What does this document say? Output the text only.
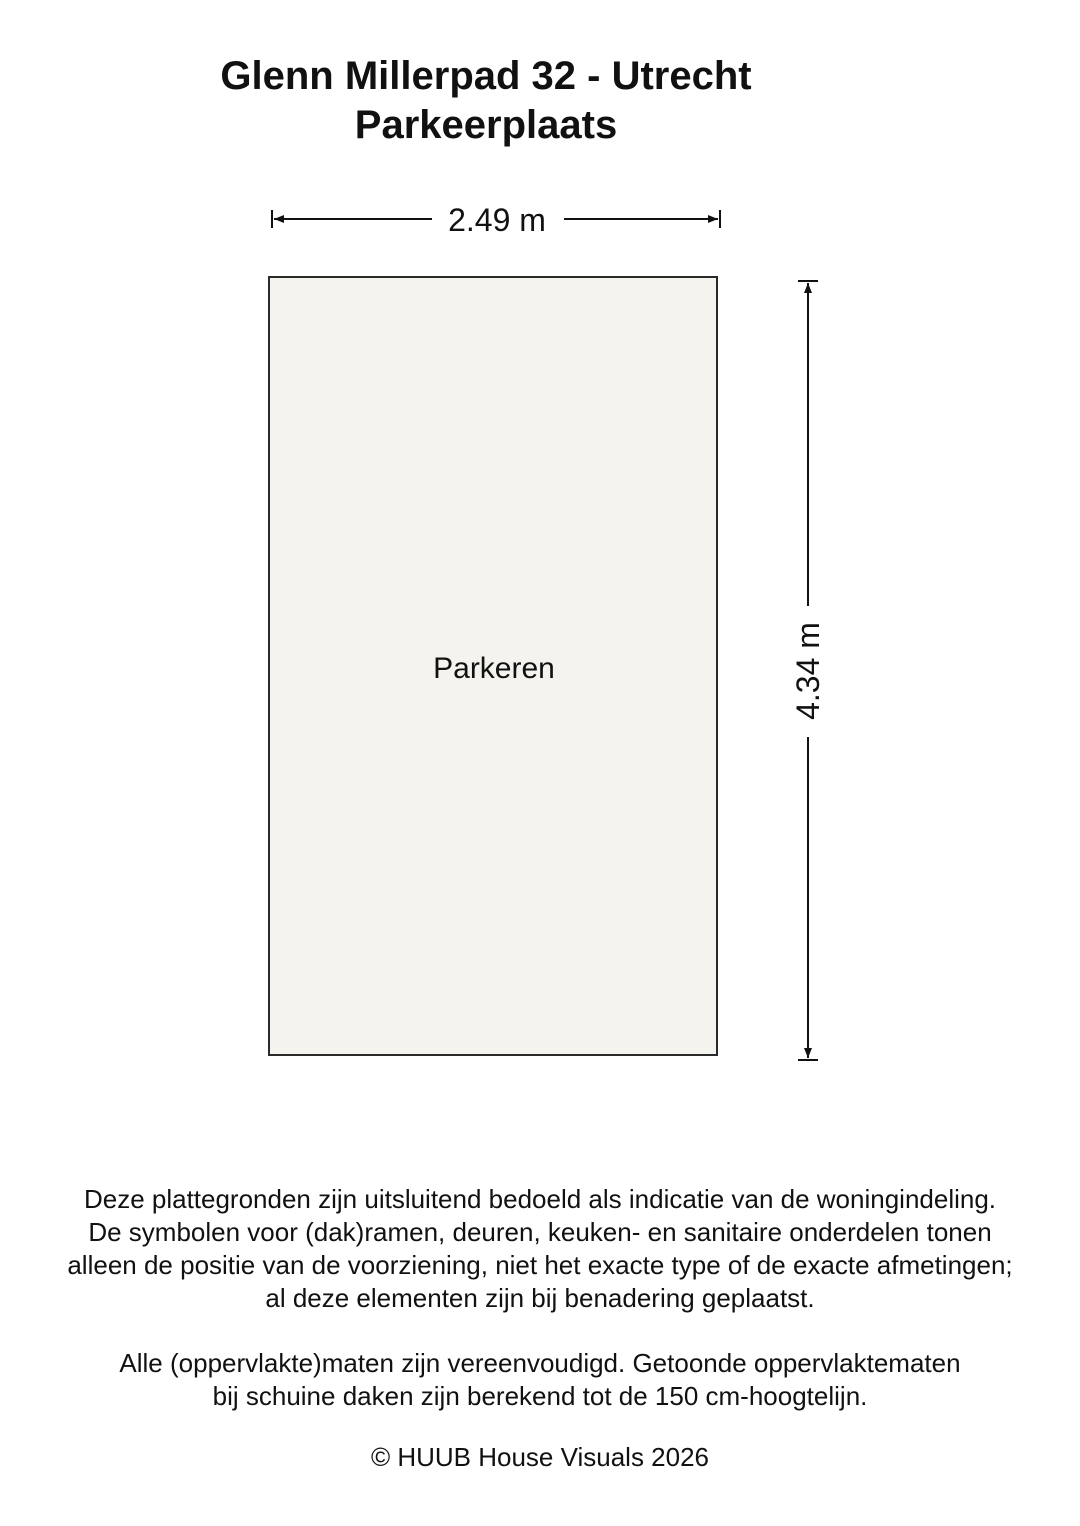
Glenn Millerpad 32 - Utrecht
Parkeerplaats
2.49 m
Parkeren	4.34 m
Deze plattegronden zijn uitsluitend bedoeld als indicatie van de woningindeling.
De symbolen voor (dak)ramen, deuren, keuken- en sanitaire onderdelen tonen
alleen de positie van de voorziening, niet het exacte type of de exacte afmetingen;
al deze elementen zijn bij benadering geplaatst.
Alle (oppervlakte)maten zijn vereenvoudigd. Getoonde oppervlaktematen
bij schuine daken zijn berekend tot de 150 cm-hoogtelijn.
© HUUB House Visuals 2026
